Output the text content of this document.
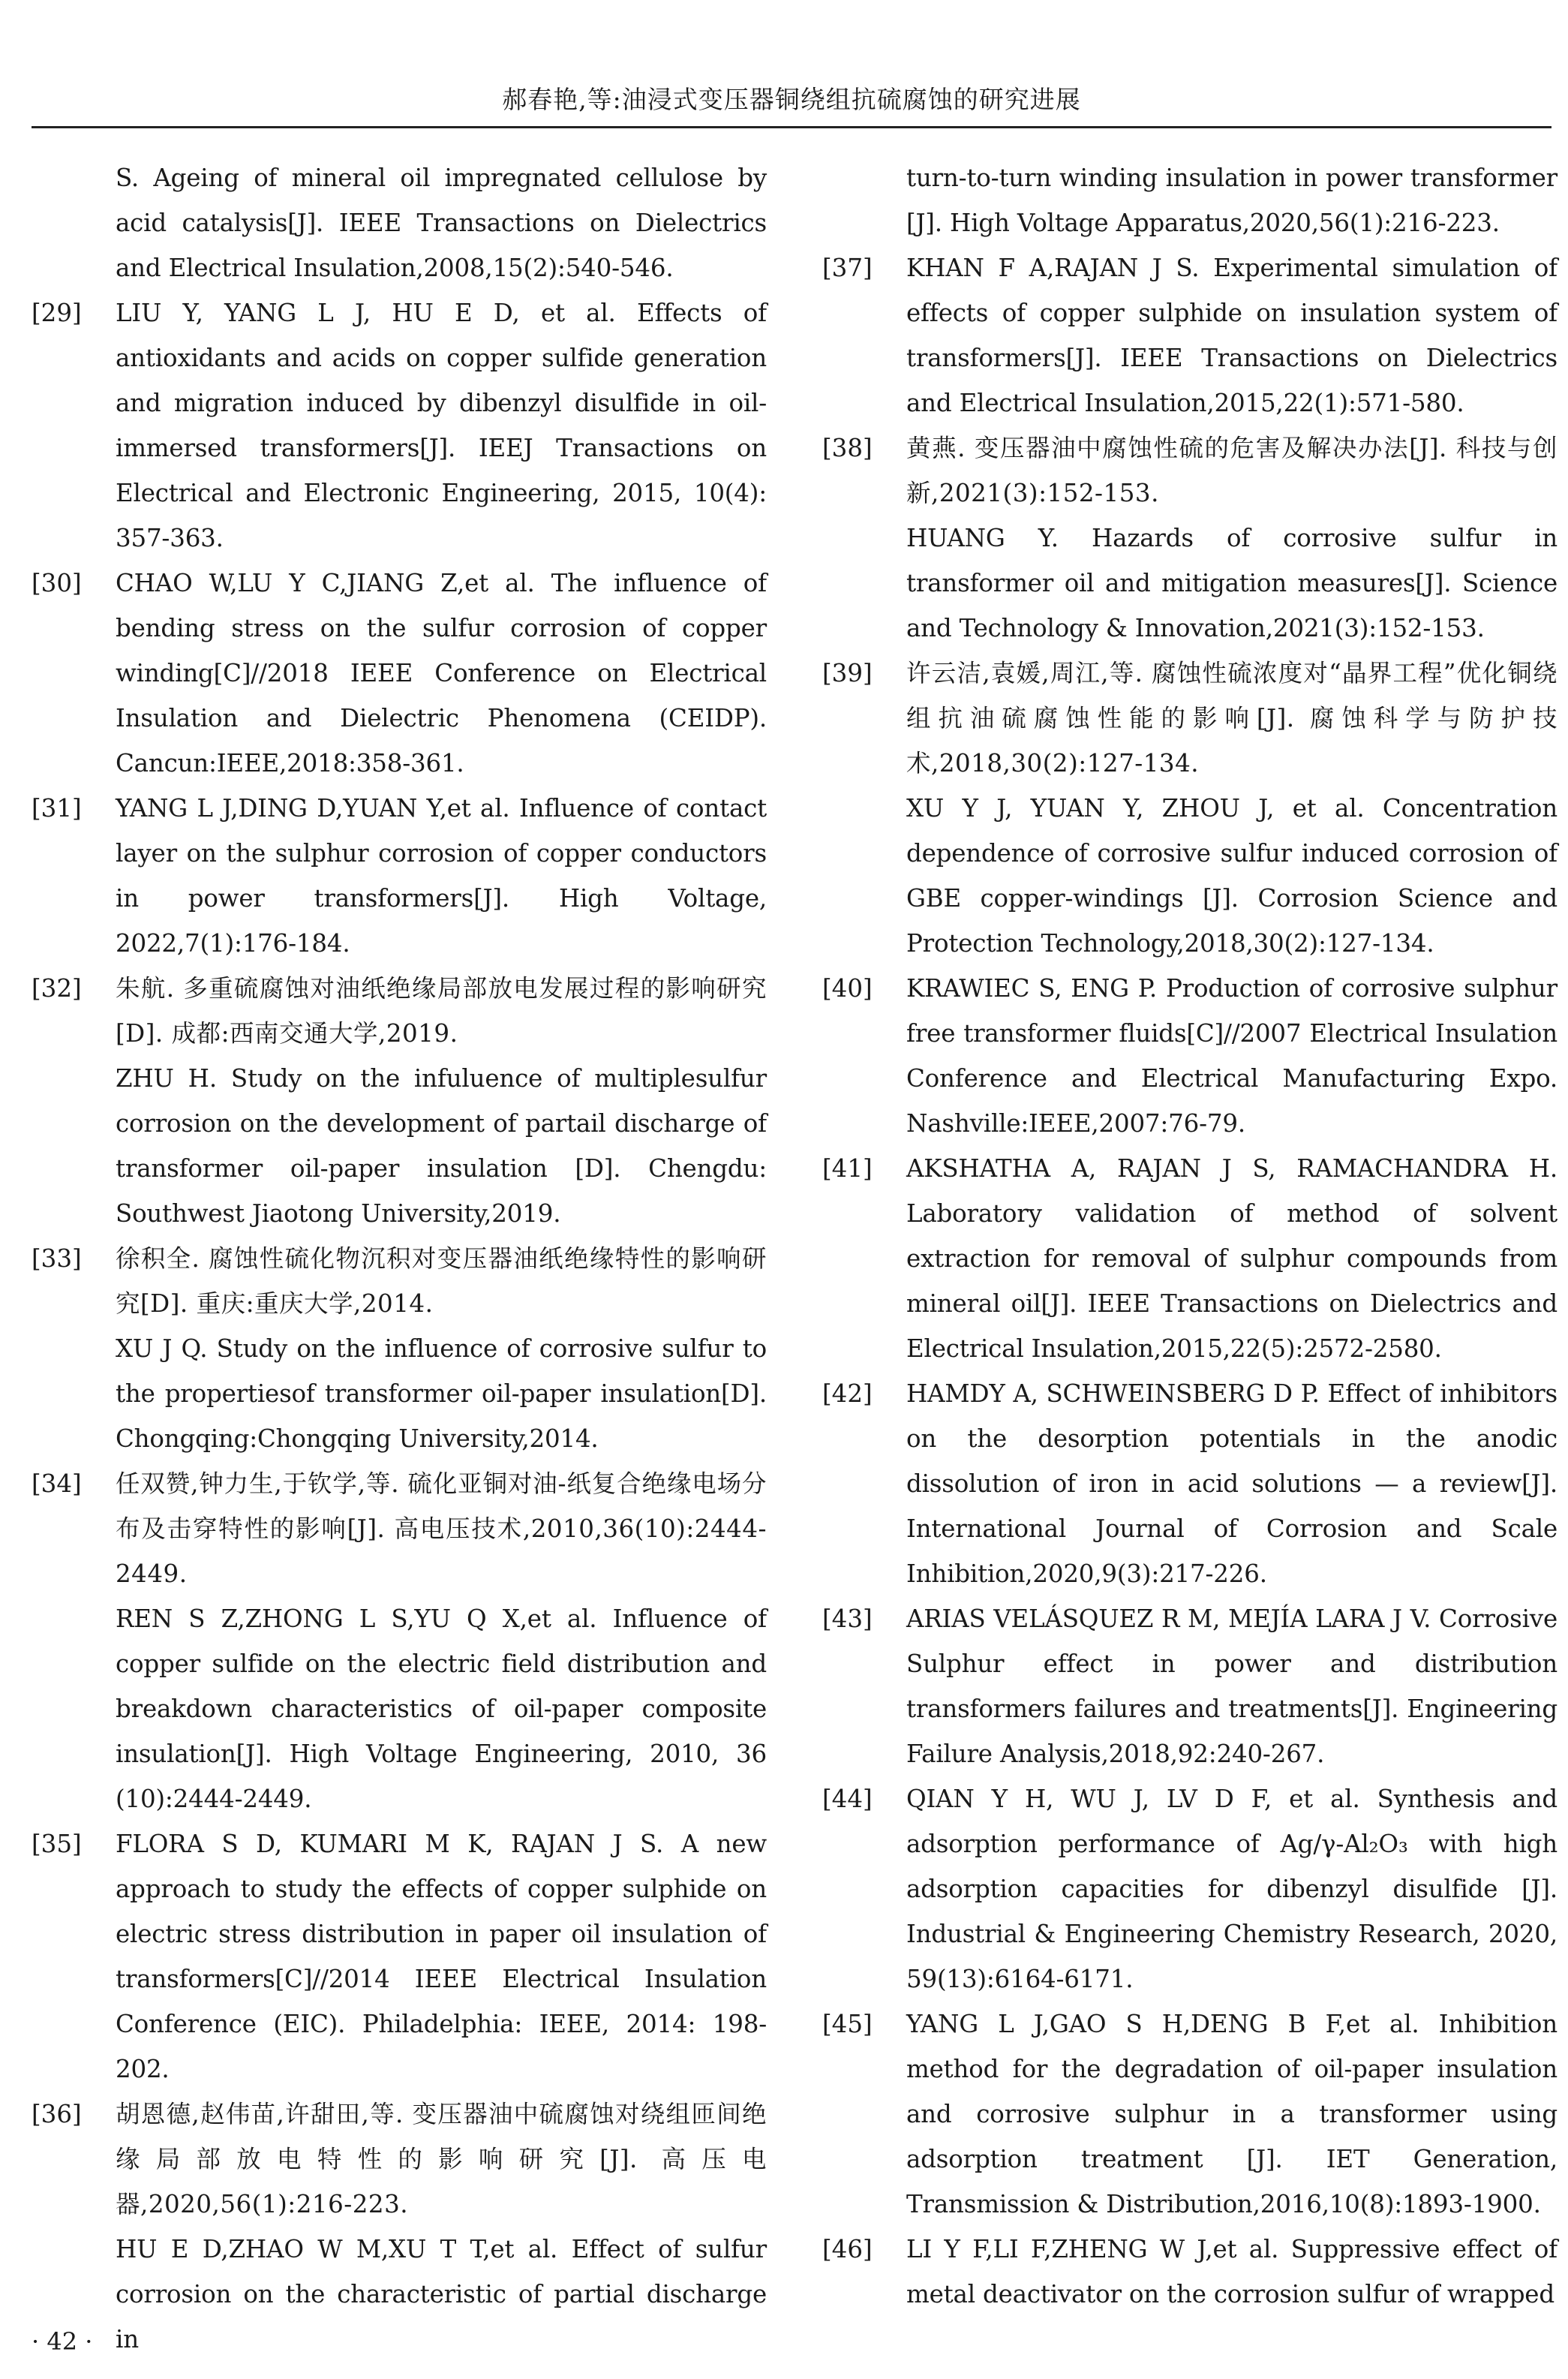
郝春艳,等:油浸式变压器铜绕组抗硫腐蚀的研究进展

S. Ageing of mineral oil impregnated cellulose by acid catalysis[J]. IEEE Transactions on Dielectrics and Electrical Insulation,2008,15(2):540-546.

[29]	LIU Y, YANG L J, HU E D, et al. Effects of antioxidants and acids on copper sulfide generation and migration induced by dibenzyl disulfide in oil-immersed transformers[J]. IEEJ Transactions on Electrical and Electronic Engineering, 2015, 10(4): 357-363.

[30]	CHAO W,LU Y C,JIANG Z,et al. The influence of bending stress on the sulfur corrosion of copper winding[C]//2018 IEEE Conference on Electrical Insulation and Dielectric Phenomena (CEIDP). Cancun:IEEE,2018:358-361.

[31]	YANG L J,DING D,YUAN Y,et al. Influence of contact layer on the sulphur corrosion of copper conductors in power transformers[J]. High Voltage, 2022,7(1):176-184.

[32]	朱航. 多重硫腐蚀对油纸绝缘局部放电发展过程的影响研究[D]. 成都:西南交通大学,2019.

ZHU H. Study on the infuluence of multiplesulfur corrosion on the development of partail discharge of transformer oil-paper insulation [D]. Chengdu: Southwest Jiaotong University,2019.

[33]	徐积全. 腐蚀性硫化物沉积对变压器油纸绝缘特性的影响研究[D]. 重庆:重庆大学,2014.

XU J Q. Study on the influence of corrosive sulfur to the propertiesof transformer oil-paper insulation[D]. Chongqing:Chongqing University,2014.

[34]	任双赞,钟力生,于钦学,等. 硫化亚铜对油-纸复合绝缘电场分布及击穿特性的影响[J]. 高电压技术,2010,36(10):2444-2449.

REN S Z,ZHONG L S,YU Q X,et al. Influence of copper sulfide on the electric field distribution and breakdown characteristics of oil-paper composite insulation[J]. High Voltage Engineering, 2010, 36 (10):2444-2449.

[35]	FLORA S D, KUMARI M K, RAJAN J S. A new approach to study the effects of copper sulphide on electric stress distribution in paper oil insulation of transformers[C]//2014 IEEE Electrical Insulation Conference (EIC). Philadelphia: IEEE, 2014: 198-202.

[36]	胡恩德,赵伟苗,许甜田,等. 变压器油中硫腐蚀对绕组匝间绝缘局部放电特性的影响研究[J]. 高压电器,2020,56(1):216-223.

HU E D,ZHAO W M,XU T T,et al. Effect of sulfur corrosion on the characteristic of partial discharge in

turn-to-turn winding insulation in power transformer [J]. High Voltage Apparatus,2020,56(1):216-223.

[37]	KHAN F A,RAJAN J S. Experimental simulation of effects of copper sulphide on insulation system of transformers[J]. IEEE Transactions on Dielectrics and Electrical Insulation,2015,22(1):571-580.

[38]	黄燕. 变压器油中腐蚀性硫的危害及解决办法[J]. 科技与创新,2021(3):152-153.

HUANG Y. Hazards of corrosive sulfur in transformer oil and mitigation measures[J]. Science and Technology & Innovation,2021(3):152-153.

[39]	许云洁,袁媛,周江,等. 腐蚀性硫浓度对“晶界工程”优化铜绕组抗油硫腐蚀性能的影响[J]. 腐蚀科学与防护技术,2018,30(2):127-134.

XU Y J, YUAN Y, ZHOU J, et al. Concentration dependence of corrosive sulfur induced corrosion of GBE copper-windings [J]. Corrosion Science and Protection Technology,2018,30(2):127-134.

[40]	KRAWIEC S, ENG P. Production of corrosive sulphur free transformer fluids[C]//2007 Electrical Insulation Conference and Electrical Manufacturing Expo. Nashville:IEEE,2007:76-79.

[41]	AKSHATHA A, RAJAN J S, RAMACHANDRA H. Laboratory validation of method of solvent extraction for removal of sulphur compounds from mineral oil[J]. IEEE Transactions on Dielectrics and Electrical Insulation,2015,22(5):2572-2580.

[42]	HAMDY A, SCHWEINSBERG D P. Effect of inhibitors on the desorption potentials in the anodic dissolution of iron in acid solutions — a review[J]. International Journal of Corrosion and Scale Inhibition,2020,9(3):217-226.

[43]	ARIAS VELÁSQUEZ R M, MEJÍA LARA J V. Corrosive Sulphur effect in power and distribution transformers failures and treatments[J]. Engineering Failure Analysis,2018,92:240-267.

[44]	QIAN Y H, WU J, LV D F, et al. Synthesis and adsorption performance of Ag/γ-Al₂O₃ with high adsorption capacities for dibenzyl disulfide [J]. Industrial & Engineering Chemistry Research, 2020, 59(13):6164-6171.

[45]	YANG L J,GAO S H,DENG B F,et al. Inhibition method for the degradation of oil-paper insulation and corrosive sulphur in a transformer using adsorption treatment [J]. IET Generation, Transmission & Distribution,2016,10(8):1893-1900.

[46]	LI Y F,LI F,ZHENG W J,et al. Suppressive effect of metal deactivator on the corrosion sulfur of wrapped

· 42 ·
